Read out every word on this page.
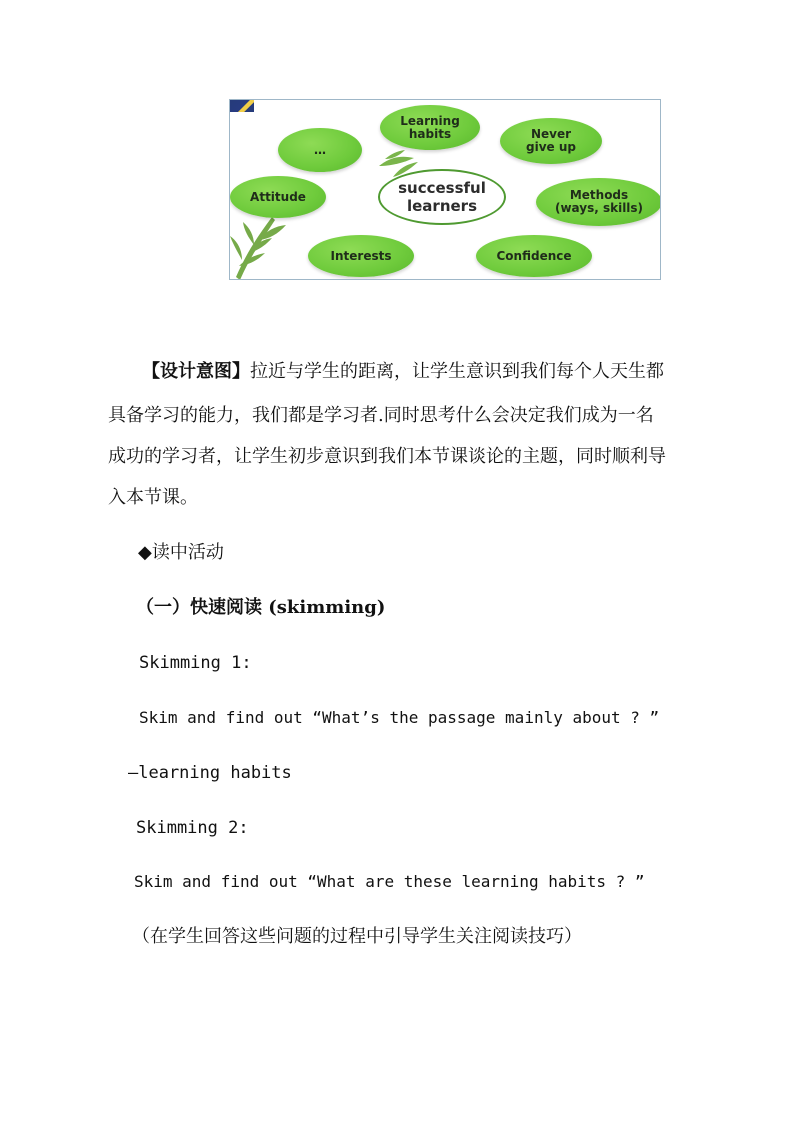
…
Learning
habits	Never
give up
Attitude	Methods
(ways, skills)
Interests	Confidence
successful
learners
【设计意图】拉近与学生的距离，让学生意识到我们每个人天生都
具备学习的能力，我们都是学习者.同时思考什么会决定我们成为一名
成功的学习者，让学生初步意识到我们本节课谈论的主题，同时顺利导
入本节课。
◆读中活动
（一）快速阅读 (skimming)
Skimming 1:
Skim and find out “What’s the passage mainly about ? ”
—learning habits
Skimming 2:
Skim and find out “What are these learning habits ? ”
（在学生回答这些问题的过程中引导学生关注阅读技巧）
